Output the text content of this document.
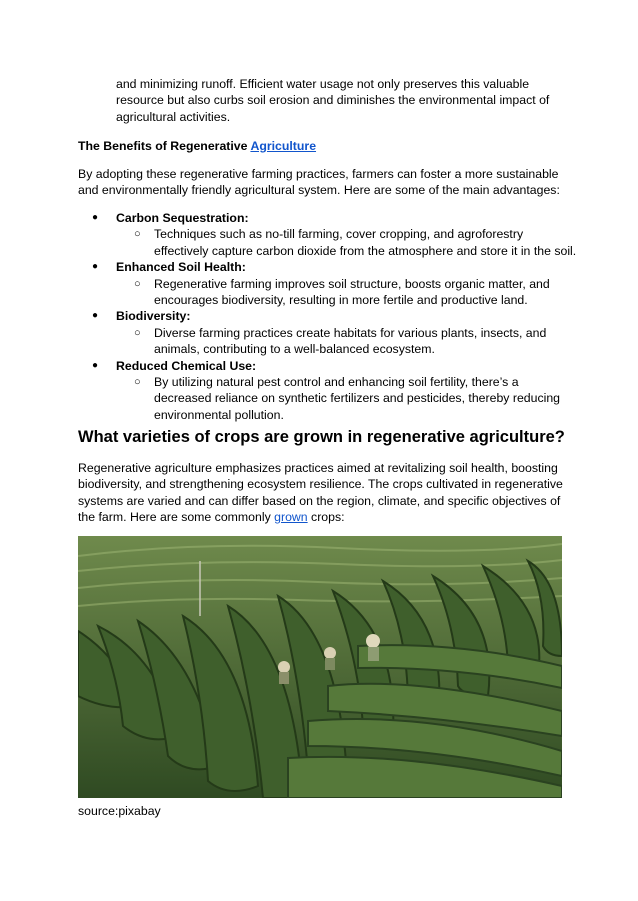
and minimizing runoff. Efficient water usage not only preserves this valuable resource but also curbs soil erosion and diminishes the environmental impact of agricultural activities.
The Benefits of Regenerative Agriculture
By adopting these regenerative farming practices, farmers can foster a more sustainable and environmentally friendly agricultural system. Here are some of the main advantages:
● Carbon Sequestration:
○ Techniques such as no-till farming, cover cropping, and agroforestry effectively capture carbon dioxide from the atmosphere and store it in the soil.
● Enhanced Soil Health:
○ Regenerative farming improves soil structure, boosts organic matter, and encourages biodiversity, resulting in more fertile and productive land.
● Biodiversity:
○ Diverse farming practices create habitats for various plants, insects, and animals, contributing to a well-balanced ecosystem.
● Reduced Chemical Use:
○ By utilizing natural pest control and enhancing soil fertility, there’s a decreased reliance on synthetic fertilizers and pesticides, thereby reducing environmental pollution.
What varieties of crops are grown in regenerative agriculture?
Regenerative agriculture emphasizes practices aimed at revitalizing soil health, boosting biodiversity, and strengthening ecosystem resilience. The crops cultivated in regenerative systems are varied and can differ based on the region, climate, and specific objectives of the farm. Here are some commonly grown crops:
source:pixabay
